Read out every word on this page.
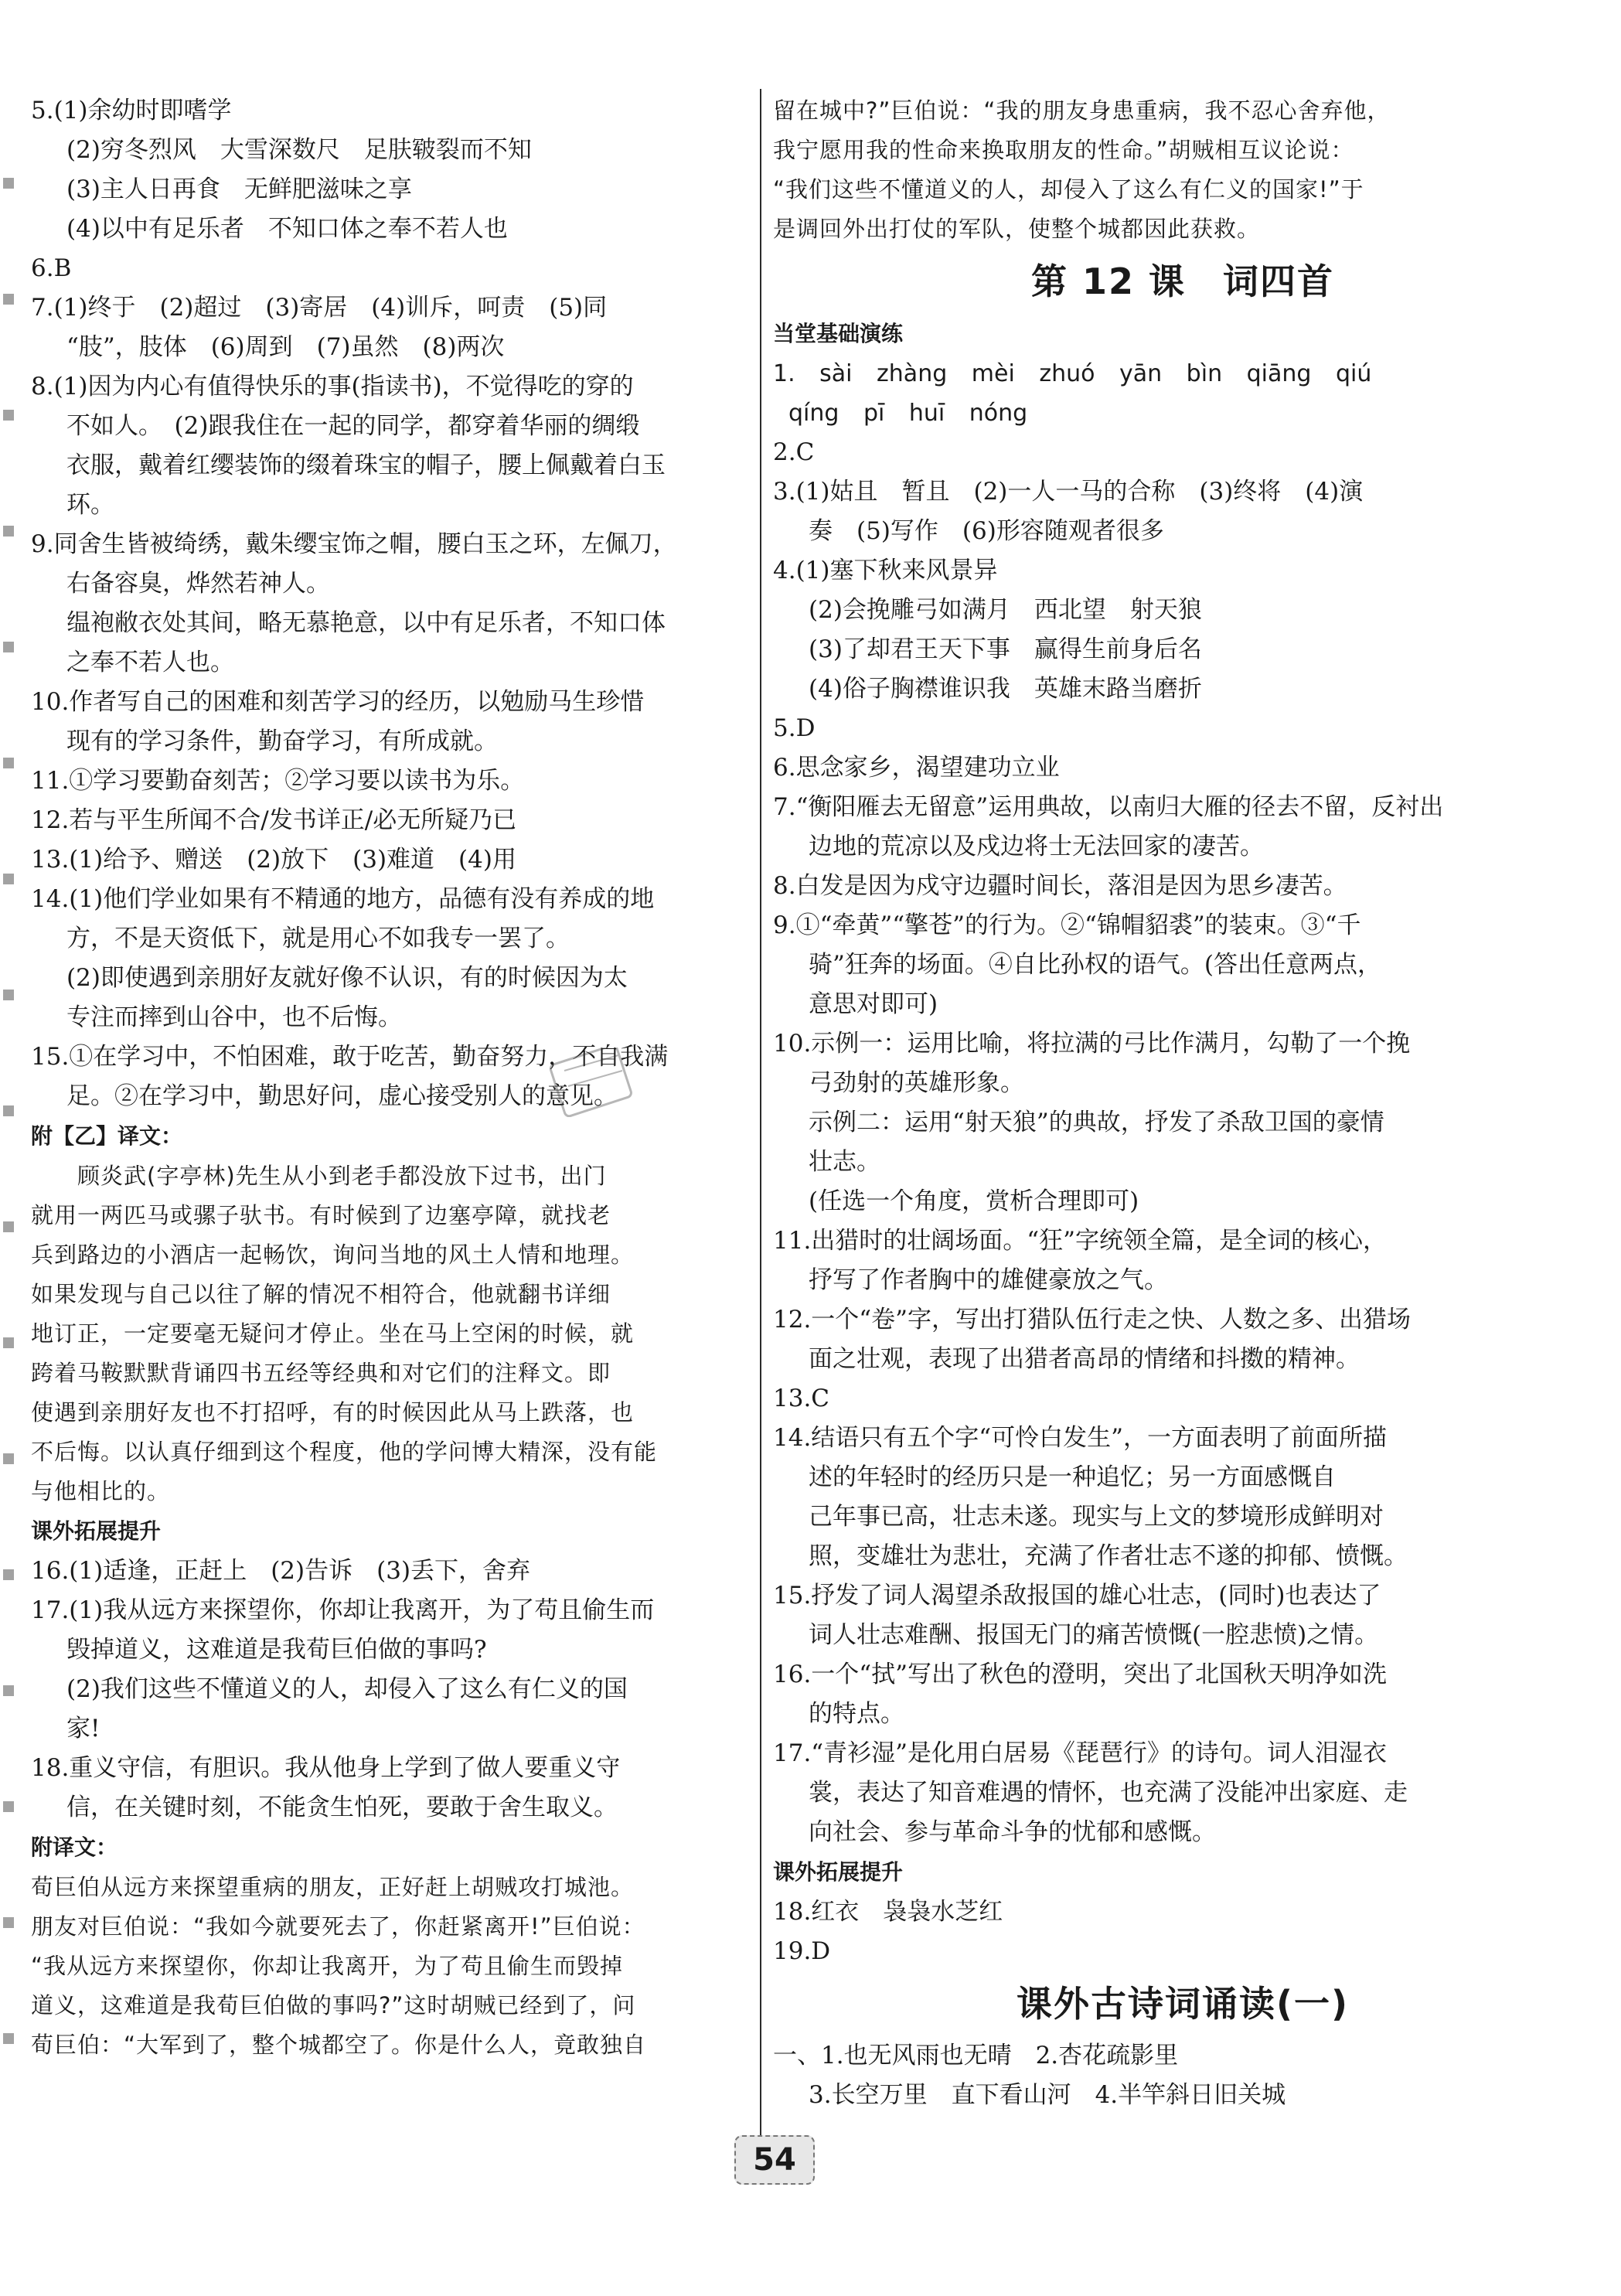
5.(1)余幼时即嗜学
(2)穷冬烈风　大雪深数尺　足肤皲裂而不知
(3)主人日再食　无鲜肥滋味之享
(4)以中有足乐者　不知口体之奉不若人也
6.B
7.(1)终于　(2)超过　(3)寄居　(4)训斥，呵责　(5)同
“肢”，肢体　(6)周到　(7)虽然　(8)两次
8.(1)因为内心有值得快乐的事(指读书)，不觉得吃的穿的
不如人。　(2)跟我住在一起的同学，都穿着华丽的绸缎
衣服，戴着红缨装饰的缀着珠宝的帽子，腰上佩戴着白玉
环。
9.同舍生皆被绮绣，戴朱缨宝饰之帽，腰白玉之环，左佩刀，
右备容臭，烨然若神人。
缊袍敝衣处其间，略无慕艳意，以中有足乐者，不知口体
之奉不若人也。
10.作者写自己的困难和刻苦学习的经历，以勉励马生珍惜
现有的学习条件，勤奋学习，有所成就。
11.①学习要勤奋刻苦；②学习要以读书为乐。
12.若与平生所闻不合/发书详正/必无所疑乃已
13.(1)给予、赠送　(2)放下　(3)难道　(4)用
14.(1)他们学业如果有不精通的地方，品德有没有养成的地
方，不是天资低下，就是用心不如我专一罢了。
(2)即使遇到亲朋好友就好像不认识，有的时候因为太
专注而摔到山谷中，也不后悔。
15.①在学习中，不怕困难，敢于吃苦，勤奋努力，不自我满
足。②在学习中，勤思好问，虚心接受别人的意见。
附【乙】译文：
顾炎武(字亭林)先生从小到老手都没放下过书，出门
就用一两匹马或骡子驮书。有时候到了边塞亭障，就找老
兵到路边的小酒店一起畅饮，询问当地的风土人情和地理。
如果发现与自己以往了解的情况不相符合，他就翻书详细
地订正，一定要毫无疑问才停止。坐在马上空闲的时候，就
跨着马鞍默默背诵四书五经等经典和对它们的注释文。即
使遇到亲朋好友也不打招呼，有的时候因此从马上跌落，也
不后悔。以认真仔细到这个程度，他的学问博大精深，没有能
与他相比的。
课外拓展提升
16.(1)适逢，正赶上　(2)告诉　(3)丢下，舍弃
17.(1)我从远方来探望你，你却让我离开，为了苟且偷生而
毁掉道义，这难道是我荀巨伯做的事吗?
(2)我们这些不懂道义的人，却侵入了这么有仁义的国
家!
18.重义守信，有胆识。我从他身上学到了做人要重义守
信，在关键时刻，不能贪生怕死，要敢于舍生取义。
附译文：
荀巨伯从远方来探望重病的朋友，正好赶上胡贼攻打城池。
朋友对巨伯说：“我如今就要死去了，你赶紧离开!”巨伯说：
“我从远方来探望你，你却让我离开，为了苟且偷生而毁掉
道义，这难道是我荀巨伯做的事吗?”这时胡贼已经到了，问
荀巨伯：“大军到了，整个城都空了。你是什么人，竟敢独自
留在城中?”巨伯说：“我的朋友身患重病，我不忍心舍弃他，
我宁愿用我的性命来换取朋友的性命。”胡贼相互议论说：
“我们这些不懂道义的人，却侵入了这么有仁义的国家!”于
是调回外出打仗的军队，使整个城都因此获救。
第 12 课　词四首
当堂基础演练
1. sài zhàng mèi zhuó yān bìn qiāng qiú
qíng pī huī nóng
2.C
3.(1)姑且　暂且　(2)一人一马的合称　(3)终将　(4)演
奏　(5)写作　(6)形容随观者很多
4.(1)塞下秋来风景异
(2)会挽雕弓如满月　西北望　射天狼
(3)了却君王天下事　赢得生前身后名
(4)俗子胸襟谁识我　英雄末路当磨折
5.D
6.思念家乡，渴望建功立业
7.“衡阳雁去无留意”运用典故，以南归大雁的径去不留，反衬出
边地的荒凉以及戍边将士无法回家的凄苦。
8.白发是因为戍守边疆时间长，落泪是因为思乡凄苦。
9.①“牵黄”“擎苍”的行为。②“锦帽貂裘”的装束。③“千
骑”狂奔的场面。④自比孙权的语气。(答出任意两点，
意思对即可)
10.示例一：运用比喻，将拉满的弓比作满月，勾勒了一个挽
弓劲射的英雄形象。
示例二：运用“射天狼”的典故，抒发了杀敌卫国的豪情
壮志。
(任选一个角度，赏析合理即可)
11.出猎时的壮阔场面。“狂”字统领全篇，是全词的核心，
抒写了作者胸中的雄健豪放之气。
12.一个“卷”字，写出打猎队伍行走之快、人数之多、出猎场
面之壮观，表现了出猎者高昂的情绪和抖擞的精神。
13.C
14.结语只有五个字“可怜白发生”，一方面表明了前面所描
述的年轻时的经历只是一种追忆；另一方面感慨自
己年事已高，壮志未遂。现实与上文的梦境形成鲜明对
照，变雄壮为悲壮，充满了作者壮志不遂的抑郁、愤慨。
15.抒发了词人渴望杀敌报国的雄心壮志，(同时)也表达了
词人壮志难酬、报国无门的痛苦愤慨(一腔悲愤)之情。
16.一个“拭”写出了秋色的澄明，突出了北国秋天明净如洗
的特点。
17.“青衫湿”是化用白居易《琵琶行》的诗句。词人泪湿衣
裳，表达了知音难遇的情怀，也充满了没能冲出家庭、走
向社会、参与革命斗争的忧郁和感慨。
课外拓展提升
18.红衣　袅袅水芝红
19.D
课外古诗词诵读(一)
一、1.也无风雨也无晴　2.杏花疏影里
3.长空万里　直下看山河　4.半竿斜日旧关城
54
